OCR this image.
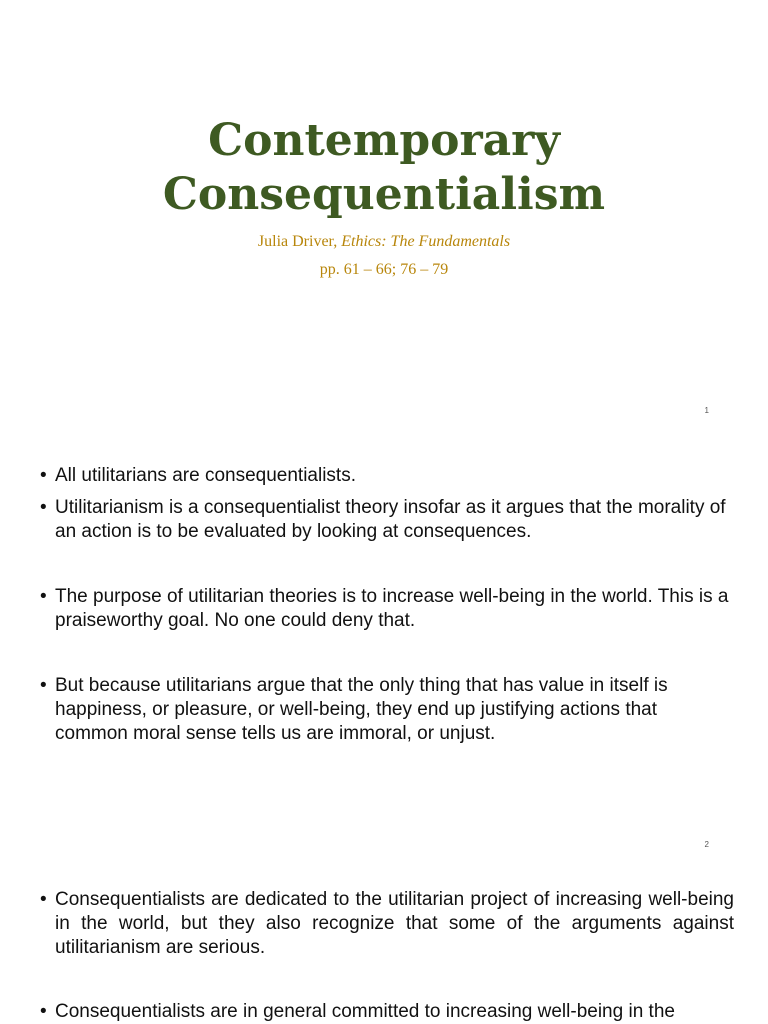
Contemporary
Consequentialism
Julia Driver, Ethics: The Fundamentals
pp. 61 – 66; 76 – 79
1
• All utilitarians are consequentialists.
• Utilitarianism is a consequentialist theory insofar as it argues that the morality of an action is to be evaluated by looking at consequences.
• The purpose of utilitarian theories is to increase well-being in the world. This is a praiseworthy goal. No one could deny that.
• But because utilitarians argue that the only thing that has value in itself is happiness, or pleasure, or well-being, they end up justifying actions that common moral sense tells us are immoral, or unjust.
2
• Consequentialists are dedicated to the utilitarian project of increasing well-being in the world, but they also recognize that some of the arguments against utilitarianism are serious.
• Consequentialists are in general committed to increasing well-being in the
